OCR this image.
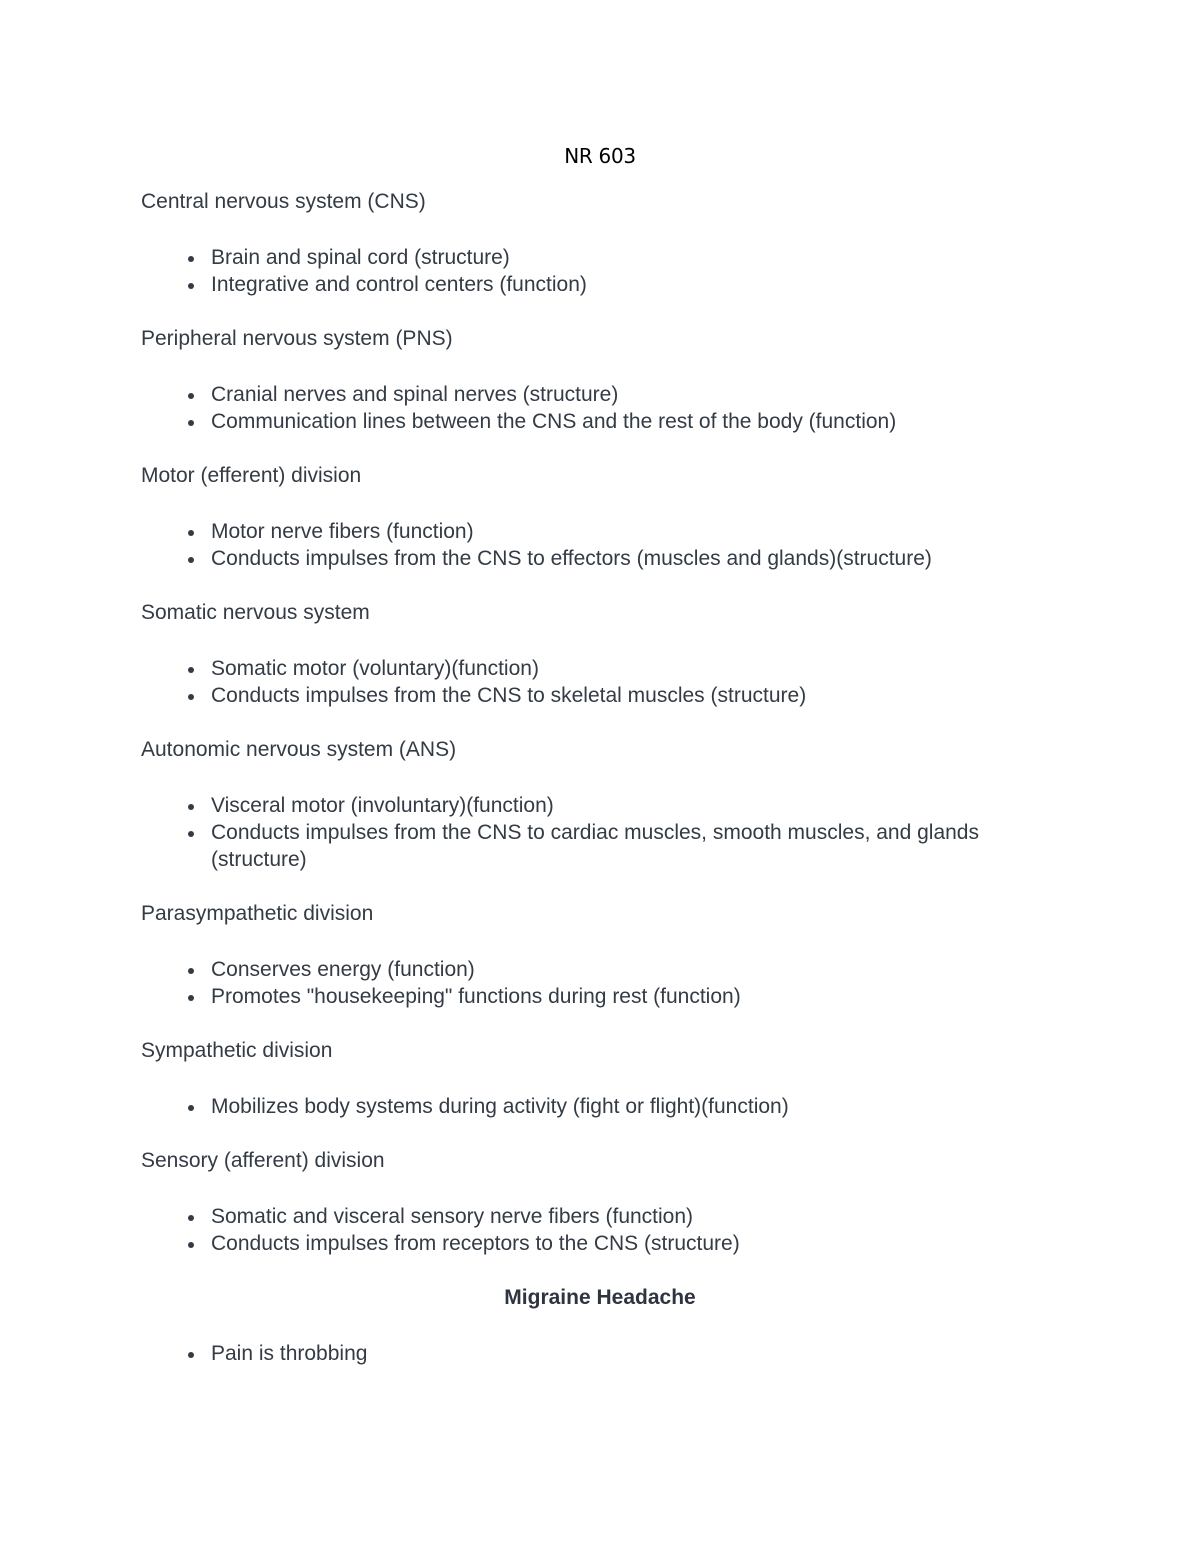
NR 603

Central nervous system (CNS)

Brain and spinal cord (structure)
Integrative and control centers (function)

Peripheral nervous system (PNS)

Cranial nerves and spinal nerves (structure)
Communication lines between the CNS and the rest of the body (function)

Motor (efferent) division

Motor nerve fibers (function)
Conducts impulses from the CNS to effectors (muscles and glands)(structure)

Somatic nervous system

Somatic motor (voluntary)(function)
Conducts impulses from the CNS to skeletal muscles (structure)

Autonomic nervous system (ANS)

Visceral motor (involuntary)(function)
Conducts impulses from the CNS to cardiac muscles, smooth muscles, and glands (structure)

Parasympathetic division

Conserves energy (function)
Promotes "housekeeping" functions during rest (function)

Sympathetic division

Mobilizes body systems during activity (fight or flight)(function)

Sensory (afferent) division

Somatic and visceral sensory nerve fibers (function)
Conducts impulses from receptors to the CNS (structure)

Migraine Headache

Pain is throbbing
